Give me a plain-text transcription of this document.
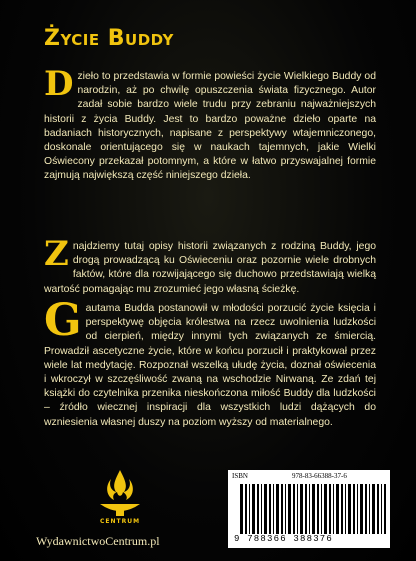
Życie Buddy
Dzieło to przedstawia w formie powieści życie Wielkiego Buddy od narodzin, aż po chwilę opuszczenia świata fizycznego. Autor zadał sobie bardzo wiele trudu przy zebraniu najważniejszych historii z życia Buddy. Jest to bardzo poważne dzieło oparte na badaniach historycznych, napisane z perspektywy wtajemniczonego, doskonale orientującego się w naukach tajemnych, jakie Wielki Oświecony przekazał potomnym, a które w łatwo przyswajalnej formie zajmują największą część niniejszego dzieła.
Znajdziemy tutaj opisy historii związanych z rodziną Buddy, jego drogą prowadzącą ku Oświeceniu oraz pozornie wiele drobnych faktów, które dla rozwijającego się duchowo przedstawiają wielką wartość pomagając mu zrozumieć jego własną ścieżkę.
Gautama Budda postanowił w młodości porzucić życie księcia i perspektywę objęcia królestwa na rzecz uwolnienia ludzkości od cierpień, między innymi tych związanych ze śmiercią. Prowadził ascetyczne życie, które w końcu porzucił i praktykował przez wiele lat medytację. Rozpoznał wszelką ułudę życia, doznał oświecenia i wkroczył w szczęśliwość zwaną na wschodzie Nirwaną. Ze zdań tej książki do czytelnika przenika nieskończona miłość Buddy dla ludzkości – źródło wiecznej inspiracji dla wszystkich ludzi dążących do wzniesienia własnej duszy na poziom wyższy od materialnego.
CENTRUM
WydawnictwoCentrum.pl
ISBN	978-83-66388-37-6
9 788366 388376
